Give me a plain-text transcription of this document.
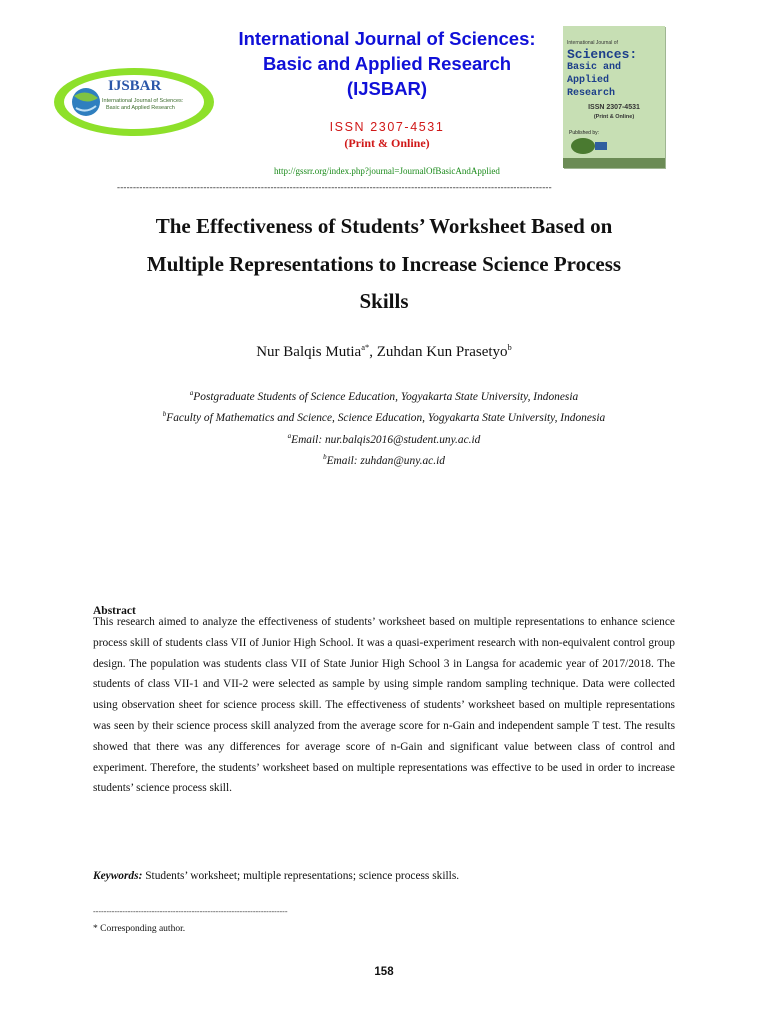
IJSBAR
International Journal of Sciences:
Basic and Applied Research
International Journal of Sciences:
Basic and Applied Research
(IJSBAR)
ISSN 2307-4531
(Print & Online)
http://gssrr.org/index.php?journal=JournalOfBasicAndApplied
International Journal of
Sciences:
Basic and Applied
Research
ISSN 2307-4531
(Print & Online)
Published by:
----------------------------------------------------------------------------------------------------------------------------------------
The Effectiveness of Students’ Worksheet Based on
Multiple Representations to Increase Science Process
Skills
Nur Balqis Mutia$^{a*}$, Zuhdan Kun Prasetyo$^b$
$^a$Postgraduate Students of Science Education, Yogyakarta State University, Indonesia
$^b$Faculty of Mathematics and Science, Science Education, Yogyakarta State University, Indonesia
$^a$Email: nur.balqis2016@student.uny.ac.id
$^b$Email: zuhdan@uny.ac.id
Abstract

This research aimed to analyze the effectiveness of students’ worksheet based on multiple representations to enhance science process skill of students class VII of Junior High School. It was a quasi-experiment research with non-equivalent control group design. The population was students class VII of State Junior High School 3 in Langsa for academic year of 2017/2018. The students of class VII-1 and VII-2 were selected as sample by using simple random sampling technique. Data were collected using observation sheet for science process skill. The effectiveness of students’ worksheet based on multiple representations was seen by their science process skill analyzed from the average score for n-Gain and independent sample T test. The results showed that there was any differences for average score of n-Gain and significant value between class of control and experiment. Therefore, the students’ worksheet based on multiple representations was effective to be used in order to increase students’ science process skill.

Keywords: Students’ worksheet; multiple representations; science process skills.
-------------------------------------------------------------------------
* Corresponding author.
158
